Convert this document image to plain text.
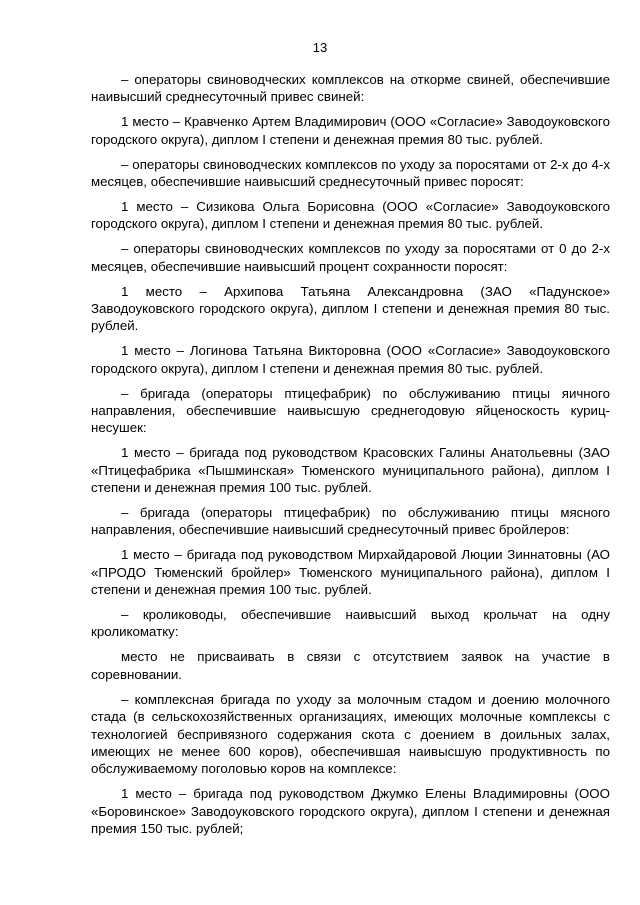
13

– операторы свиноводческих комплексов на откорме свиней, обеспечившие наивысший среднесуточный привес свиней:

1 место – Кравченко Артем Владимирович (ООО «Согласие» Заводоуковского городского округа), диплом I степени и денежная премия 80 тыс. рублей.

– операторы свиноводческих комплексов по уходу за поросятами от 2-х до 4-х месяцев, обеспечившие наивысший среднесуточный привес поросят:

1 место – Сизикова Ольга Борисовна (ООО «Согласие» Заводоуковского городского округа), диплом I степени и денежная премия 80 тыс. рублей.

– операторы свиноводческих комплексов по уходу за поросятами от 0 до 2-х месяцев, обеспечившие наивысший процент сохранности поросят:

1 место – Архипова Татьяна Александровна (ЗАО «Падунское» Заводоуковского городского округа), диплом I степени и денежная премия 80 тыс. рублей.

1 место – Логинова Татьяна Викторовна (ООО «Согласие» Заводоуковского городского округа), диплом I степени и денежная премия 80 тыс. рублей.

– бригада (операторы птицефабрик) по обслуживанию птицы яичного направления, обеспечившие наивысшую среднегодовую яйценоскость куриц-несушек:

1 место – бригада под руководством Красовских Галины Анатольевны (ЗАО «Птицефабрика «Пышминская» Тюменского муниципального района), диплом I степени и денежная премия 100 тыс. рублей.

– бригада (операторы птицефабрик) по обслуживанию птицы мясного направления, обеспечившие наивысший среднесуточный привес бройлеров:

1 место – бригада под руководством Мирхайдаровой Люции Зиннатовны (АО «ПРОДО Тюменский бройлер» Тюменского муниципального района), диплом I степени и денежная премия 100 тыс. рублей.

– кролиководы, обеспечившие наивысший выход крольчат на одну кроликоматку:

место не присваивать в связи с отсутствием заявок на участие в соревновании.

– комплексная бригада по уходу за молочным стадом и доению молочного стада (в сельскохозяйственных организациях, имеющих молочные комплексы с технологией беспривязного содержания скота с доением в доильных залах, имеющих не менее 600 коров), обеспечившая наивысшую продуктивность по обслуживаемому поголовью коров на комплексе:

1 место – бригада под руководством Джумко Елены Владимировны (ООО «Боровинское» Заводоуковского городского округа), диплом I степени и денежная премия 150 тыс. рублей;
